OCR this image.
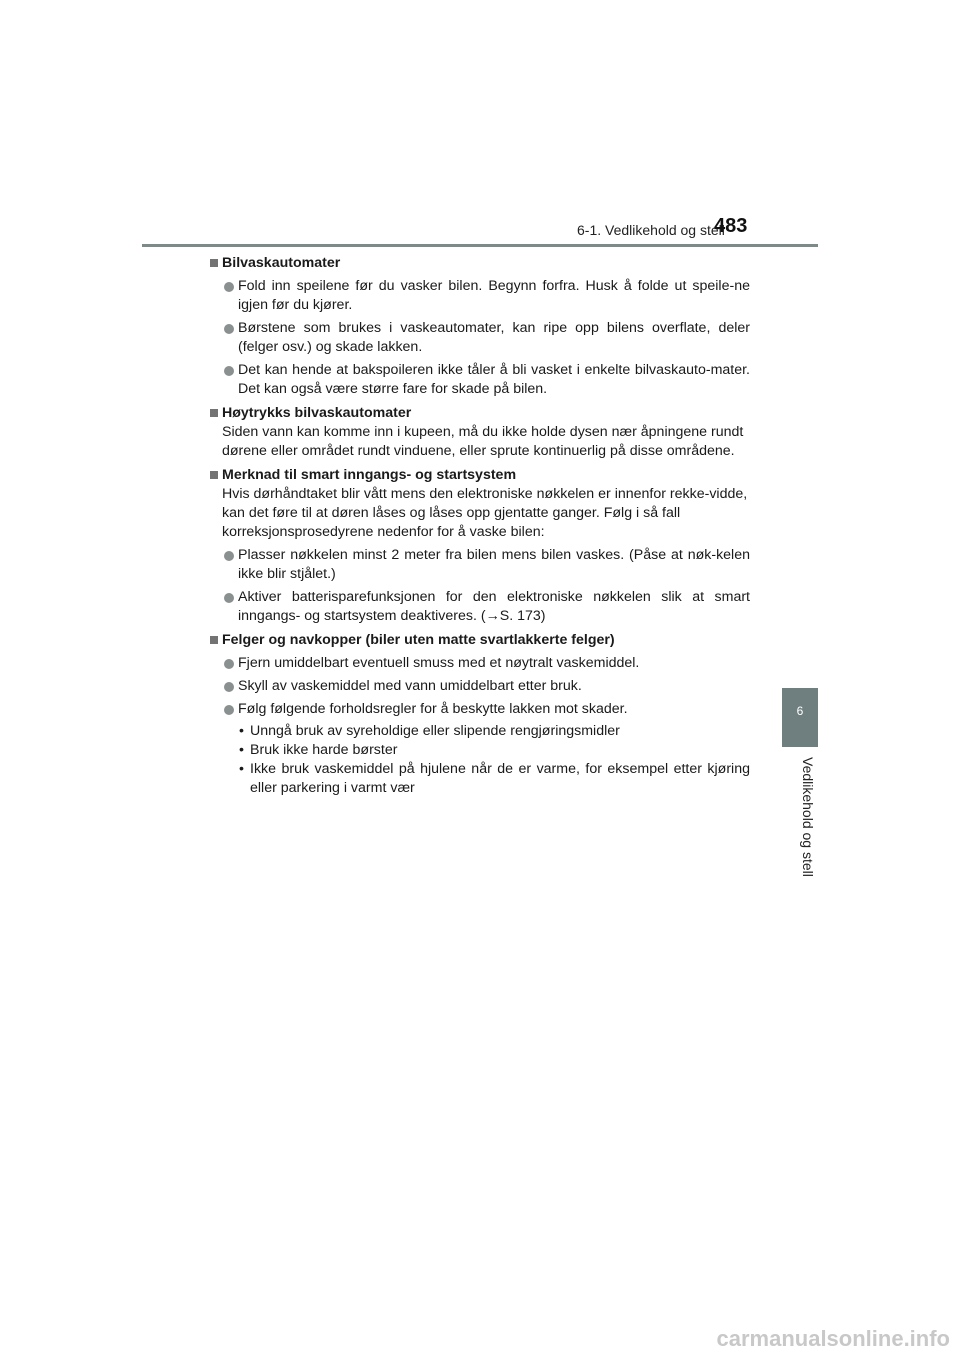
6-1. Vedlikehold og stell
483
6
Vedlikehold og stell
Bilvaskautomater
Fold inn speilene før du vasker bilen. Begynn forfra. Husk å folde ut speile-ne igjen før du kjører.
Børstene som brukes i vaskeautomater, kan ripe opp bilens overflate, deler (felger osv.) og skade lakken.
Det kan hende at bakspoileren ikke tåler å bli vasket i enkelte bilvaskauto-mater. Det kan også være større fare for skade på bilen.
Høytrykks bilvaskautomater
Siden vann kan komme inn i kupeen, må du ikke holde dysen nær åpningene rundt dørene eller området rundt vinduene, eller sprute kontinuerlig på disse områdene.
Merknad til smart inngangs- og startsystem
Hvis dørhåndtaket blir vått mens den elektroniske nøkkelen er innenfor rekke-vidde, kan det føre til at døren låses og låses opp gjentatte ganger. Følg i så fall korreksjonsprosedyrene nedenfor for å vaske bilen:
Plasser nøkkelen minst 2 meter fra bilen mens bilen vaskes. (Påse at nøk-kelen ikke blir stjålet.)
Aktiver batterisparefunksjonen for den elektroniske nøkkelen slik at smart inngangs- og startsystem deaktiveres. (→S. 173)
Felger og navkopper (biler uten matte svartlakkerte felger)
Fjern umiddelbart eventuell smuss med et nøytralt vaskemiddel.
Skyll av vaskemiddel med vann umiddelbart etter bruk.
Følg følgende forholdsregler for å beskytte lakken mot skader.
• Unngå bruk av syreholdige eller slipende rengjøringsmidler
• Bruk ikke harde børster
• Ikke bruk vaskemiddel på hjulene når de er varme, for eksempel etter kjøring eller parkering i varmt vær
carmanualsonline.info
